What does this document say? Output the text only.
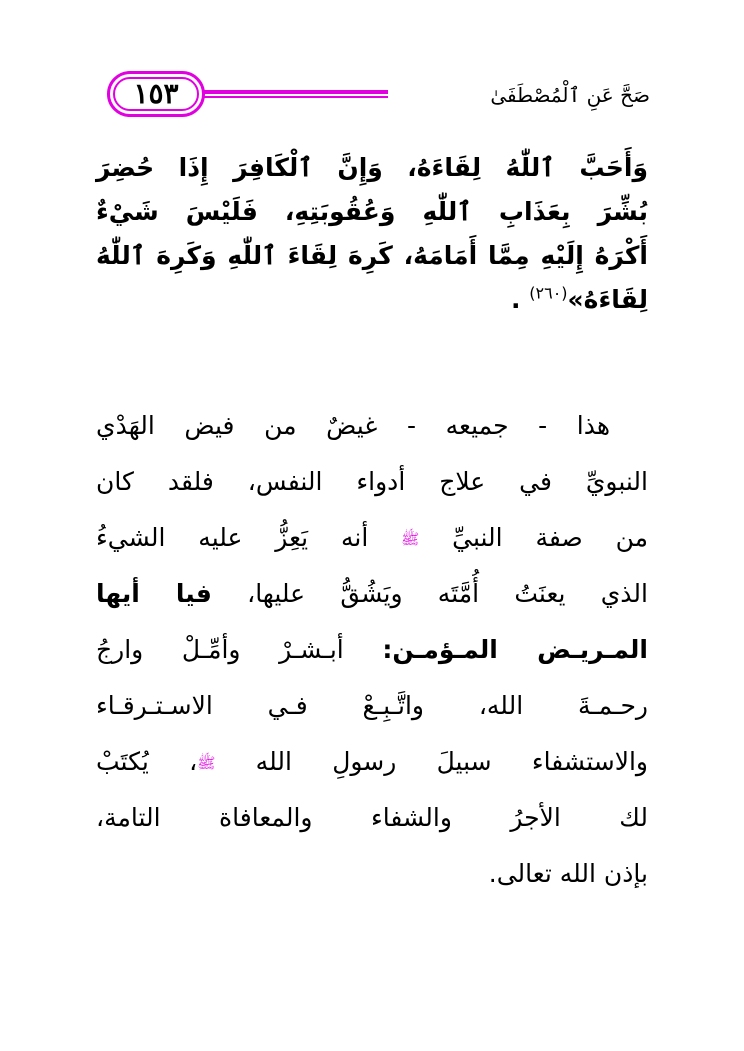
١٥٣	صَحَّ عَنِ ٱلْمُصْطَفَىٰ
وَأَحَبَّ ٱللّٰهُ لِقَاءَهُ، وَإِنَّ ٱلْكَافِرَ إِذَا حُضِرَ
بُشِّرَ بِعَذَابِ ٱللّٰهِ وَعُقُوبَتِهِ، فَلَيْسَ شَيْءٌ
أَكْرَهُ إِلَيْهِ مِمَّا أَمَامَهُ، كَرِهَ لِقَاءَ ٱللّٰهِ وَكَرِهَ ٱللّٰهُ
لِقَاءَهُ»$^{(٢٦٠)}$ .
هذا - جميعه - غيضٌ من فيض الهَدْي
النبويِّ في علاج أدواء النفس، فلقد كان
من صفة النبيِّ ﷺ أنه يَعِزُّ عليه الشيءُ
الذي يعنَتُ أُمَّتَه ويَشُقُّ عليها، فيا أيها
المـريـض المـؤمـن: أبـشـرْ وأمِّـلْ وارجُ
رحـمـةَ الله، واتَّـبِـعْ فـي الاسـتـرقـاء
والاستشفاء سبيلَ رسولِ الله ﷺ، يُكتَبْ
لك الأجرُ والشفاء والمعافاة التامة،
بإذن الله تعالى.
